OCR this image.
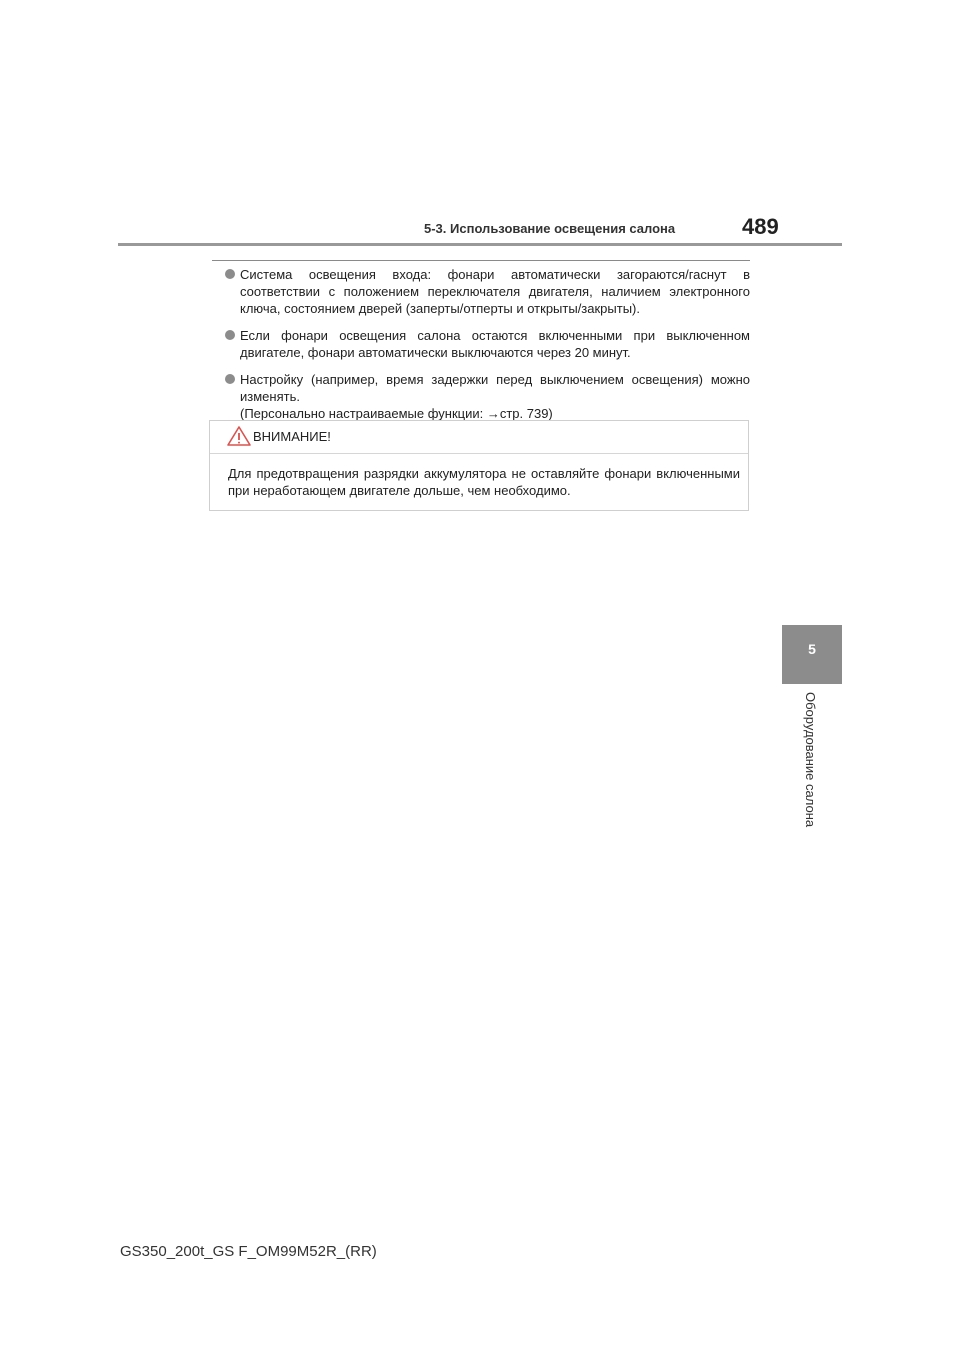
5-3. Использование освещения салона	489
Система освещения входа: фонари автоматически загораются/гаснут в соответствии с положением переключателя двигателя, наличием электронного ключа, состоянием дверей (заперты/отперты и открыты/закрыты).
Если фонари освещения салона остаются включенными при выключенном двигателе, фонари автоматически выключаются через 20 минут.
Настройку (например, время задержки перед выключением освещения) можно изменять.
(Персонально настраиваемые функции: →стр. 739)
ВНИМАНИЕ!
Для предотвращения разрядки аккумулятора не оставляйте фонари включенными при неработающем двигателе дольше, чем необходимо.
5
Оборудование салона
GS350_200t_GS F_OM99M52R_(RR)
